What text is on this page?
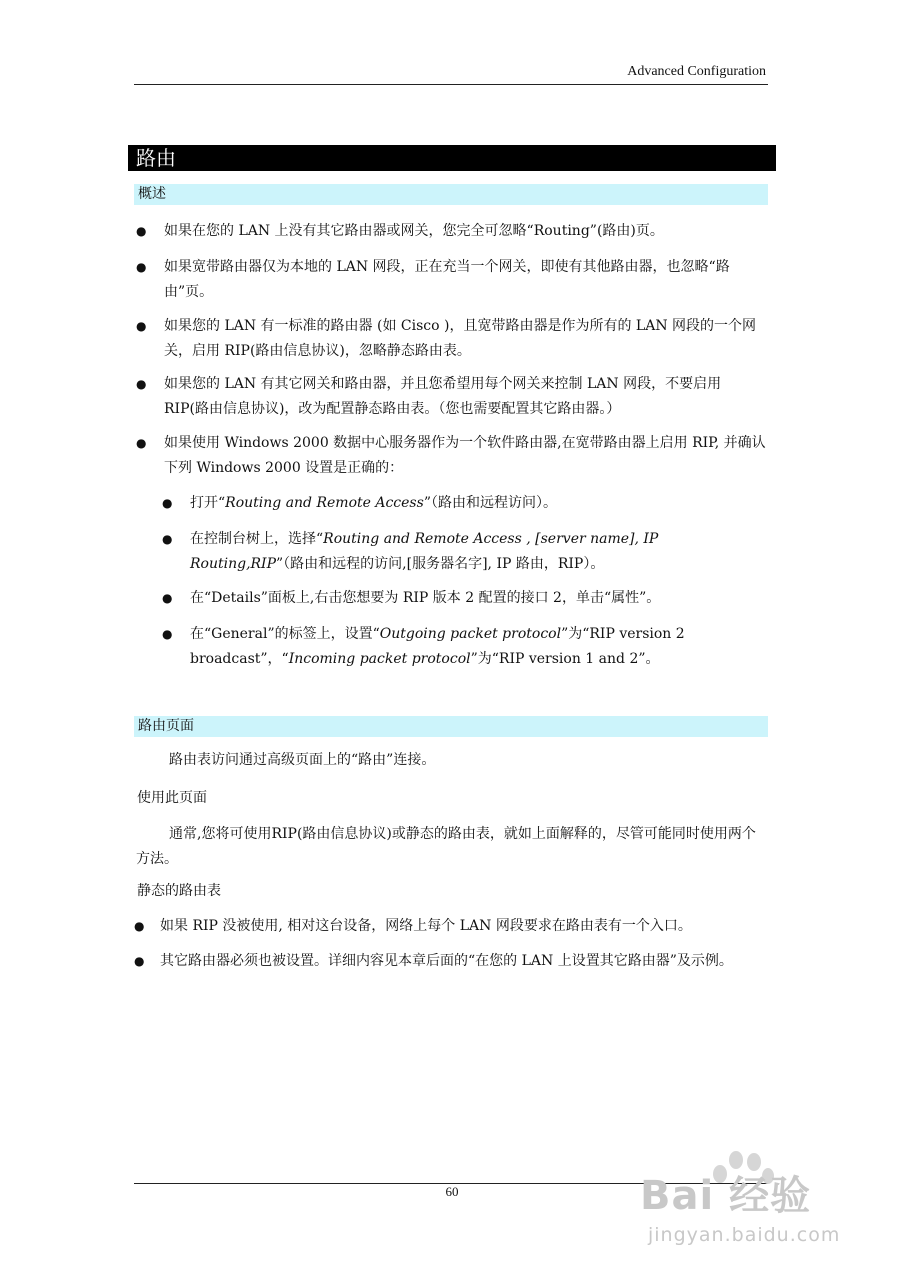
Advanced Configuration
路由
概述
●	如果在您的 LAN 上没有其它路由器或网关，您完全可忽略“Routing”(路由)页。
●	如果宽带路由器仅为本地的 LAN 网段，正在充当一个网关，即使有其他路由器，也忽略“路由”页。
●	如果您的 LAN 有一标准的路由器 (如 Cisco )，且宽带路由器是作为所有的 LAN 网段的一个网关，启用 RIP(路由信息协议)，忽略静态路由表。
●	如果您的 LAN 有其它网关和路由器，并且您希望用每个网关来控制 LAN 网段，不要启用 RIP(路由信息协议)，改为配置静态路由表。（您也需要配置其它路由器。）
●	如果使用 Windows 2000 数据中心服务器作为一个软件路由器,在宽带路由器上启用 RIP, 并确认下列 Windows 2000 设置是正确的：
●	打开“Routing and Remote Access”（路由和远程访问）。
●	在控制台树上，选择“Routing and Remote Access , [server name], IP Routing,RIP”（路由和远程的访问,[服务器名字], IP 路由，RIP）。
●	在“Details”面板上,右击您想要为 RIP 版本 2 配置的接口 2，单击“属性”。
●	在“General”的标签上，设置“Outgoing packet protocol”为“RIP version 2 broadcast”，“Incoming packet protocol”为“RIP version 1 and 2”。
路由页面
路由表访问通过高级页面上的“路由”连接。
使用此页面
通常,您将可使用RIP(路由信息协议)或静态的路由表，就如上面解释的，尽管可能同时使用两个方法。
静态的路由表
●	如果 RIP 没被使用, 相对这台设备，网络上每个 LAN 网段要求在路由表有一个入口。
●	其它路由器必须也被设置。详细内容见本章后面的“在您的 LAN 上设置其它路由器”及示例。
60	Bai 经验
jingyan.baidu.com
